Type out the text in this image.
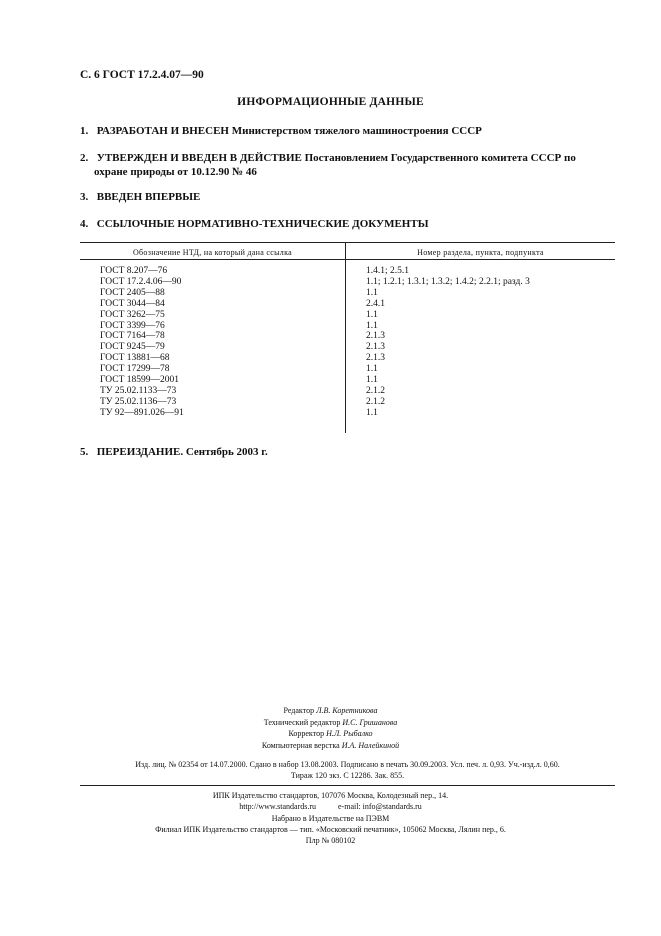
С. 6 ГОСТ 17.2.4.07—90
ИНФОРМАЦИОННЫЕ ДАННЫЕ
1. РАЗРАБОТАН И ВНЕСЕН Министерством тяжелого машиностроения СССР
2. УТВЕРЖДЕН И ВВЕДЕН В ДЕЙСТВИЕ Постановлением Государственного комитета СССР по
охране природы от 10.12.90 № 46
3. ВВЕДЕН ВПЕРВЫЕ
4. ССЫЛОЧНЫЕ НОРМАТИВНО-ТЕХНИЧЕСКИЕ ДОКУМЕНТЫ
Обозначение НТД, на который дана ссылка	Номер раздела, пункта, подпункта
ГОСТ 8.207—76
ГОСТ 17.2.4.06—90
ГОСТ 2405—88
ГОСТ 3044—84
ГОСТ 3262—75
ГОСТ 3399—76
ГОСТ 7164—78
ГОСТ 9245—79
ГОСТ 13881—68
ГОСТ 17299—78
ГОСТ 18599—2001
ТУ 25.02.1133—73
ТУ 25.02.1136—73
ТУ 92—891.026—91
1.4.1; 2.5.1
1.1; 1.2.1; 1.3.1; 1.3.2; 1.4.2; 2.2.1; разд. 3
1.1
2.4.1
1.1
1.1
2.1.3
2.1.3
2.1.3
1.1
1.1
2.1.2
2.1.2
1.1
5. ПЕРЕИЗДАНИЕ. Сентябрь 2003 г.
Редактор Л.В. Коретникова
Технический редактор И.С. Гришанова
Корректор Н.Л. Рыбалко
Компьютерная верстка И.А. Налейкиной
Изд. лиц. № 02354 от 14.07.2000. Сдано в набор 13.08.2003. Подписано в печать 30.09.2003. Усл. печ. л. 0,93. Уч.-изд.л. 0,60.
Тираж 120 экз. С 12286. Зак. 855.
ИПК Издательство стандартов, 107076 Москва, Колодезный пер., 14.
http://www.standards.ru           e-mail: info@standards.ru
Набрано в Издательстве на ПЭВМ
Филиал ИПК Издательство стандартов — тип. «Московский печатник», 105062 Москва, Лялин пер., 6.
Плр № 080102
